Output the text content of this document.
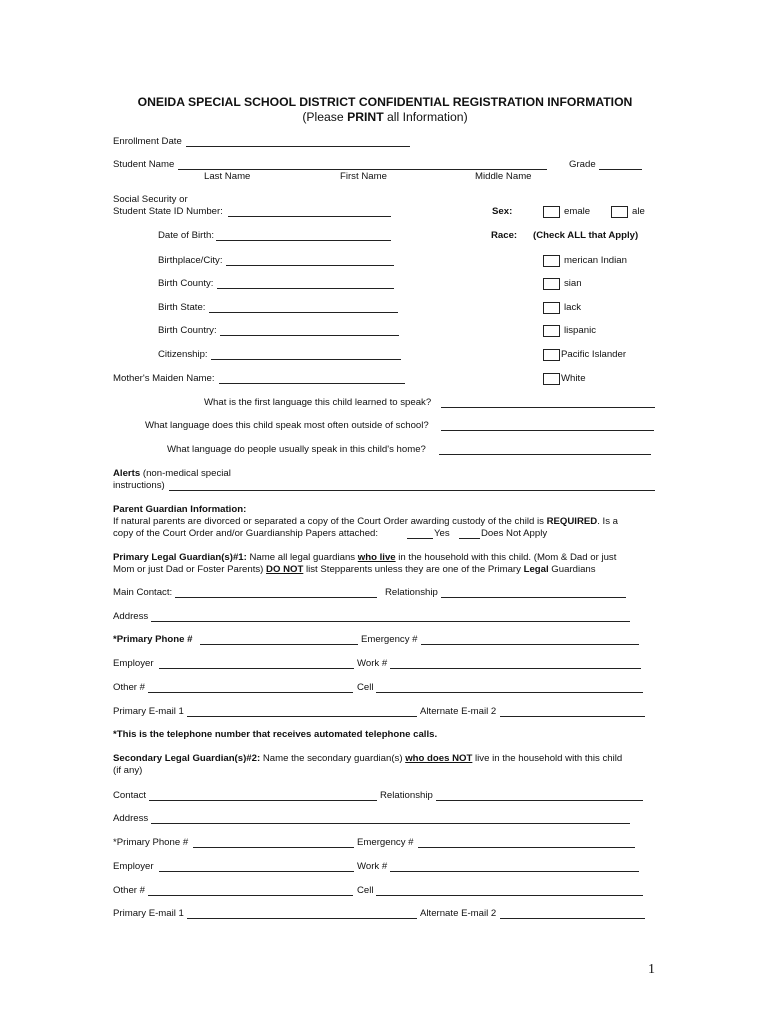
ONEIDA SPECIAL SCHOOL DISTRICT CONFIDENTIAL REGISTRATION INFORMATION
(Please PRINT all Information)
Enrollment Date
Student Name	Grade
Last Name	First Name	Middle Name
Social Security or
Student State ID Number:	Sex:	emale	ale
Date of Birth:	Race: (Check ALL that Apply)
Birthplace/City:
Birth County:
Birth State:
Birth Country:
Citizenship:
Mother's Maiden Name:
merican Indian
sian
lack
lispanic
Pacific Islander
White
What is the first language this child learned to speak?
What language does this child speak most often outside of school?
What language do people usually speak in this child's home?
Alerts (non-medical special
instructions)
Parent Guardian Information:
If natural parents are divorced or separated a copy of the Court Order awarding custody of the child is REQUIRED. Is a
copy of the Court Order and/or Guardianship Papers attached:	Yes	Does Not Apply
Primary Legal Guardian(s)#1: Name all legal guardians who live in the household with this child. (Mom & Dad or just
Mom or just Dad or Foster Parents) DO NOT list Stepparents unless they are one of the Primary Legal Guardians
Main Contact:	Relationship
Address
*Primary Phone #	Emergency #
Employer	Work #
Other #	Cell
Primary E-mail 1	Alternate E-mail 2
*This is the telephone number that receives automated telephone calls.
Secondary Legal Guardian(s)#2: Name the secondary guardian(s) who does NOT live in the household with this child
(if any)
Contact	Relationship
Address
*Primary Phone #	Emergency #
Employer	Work #
Other #	Cell
Primary E-mail 1	Alternate E-mail 2
1
